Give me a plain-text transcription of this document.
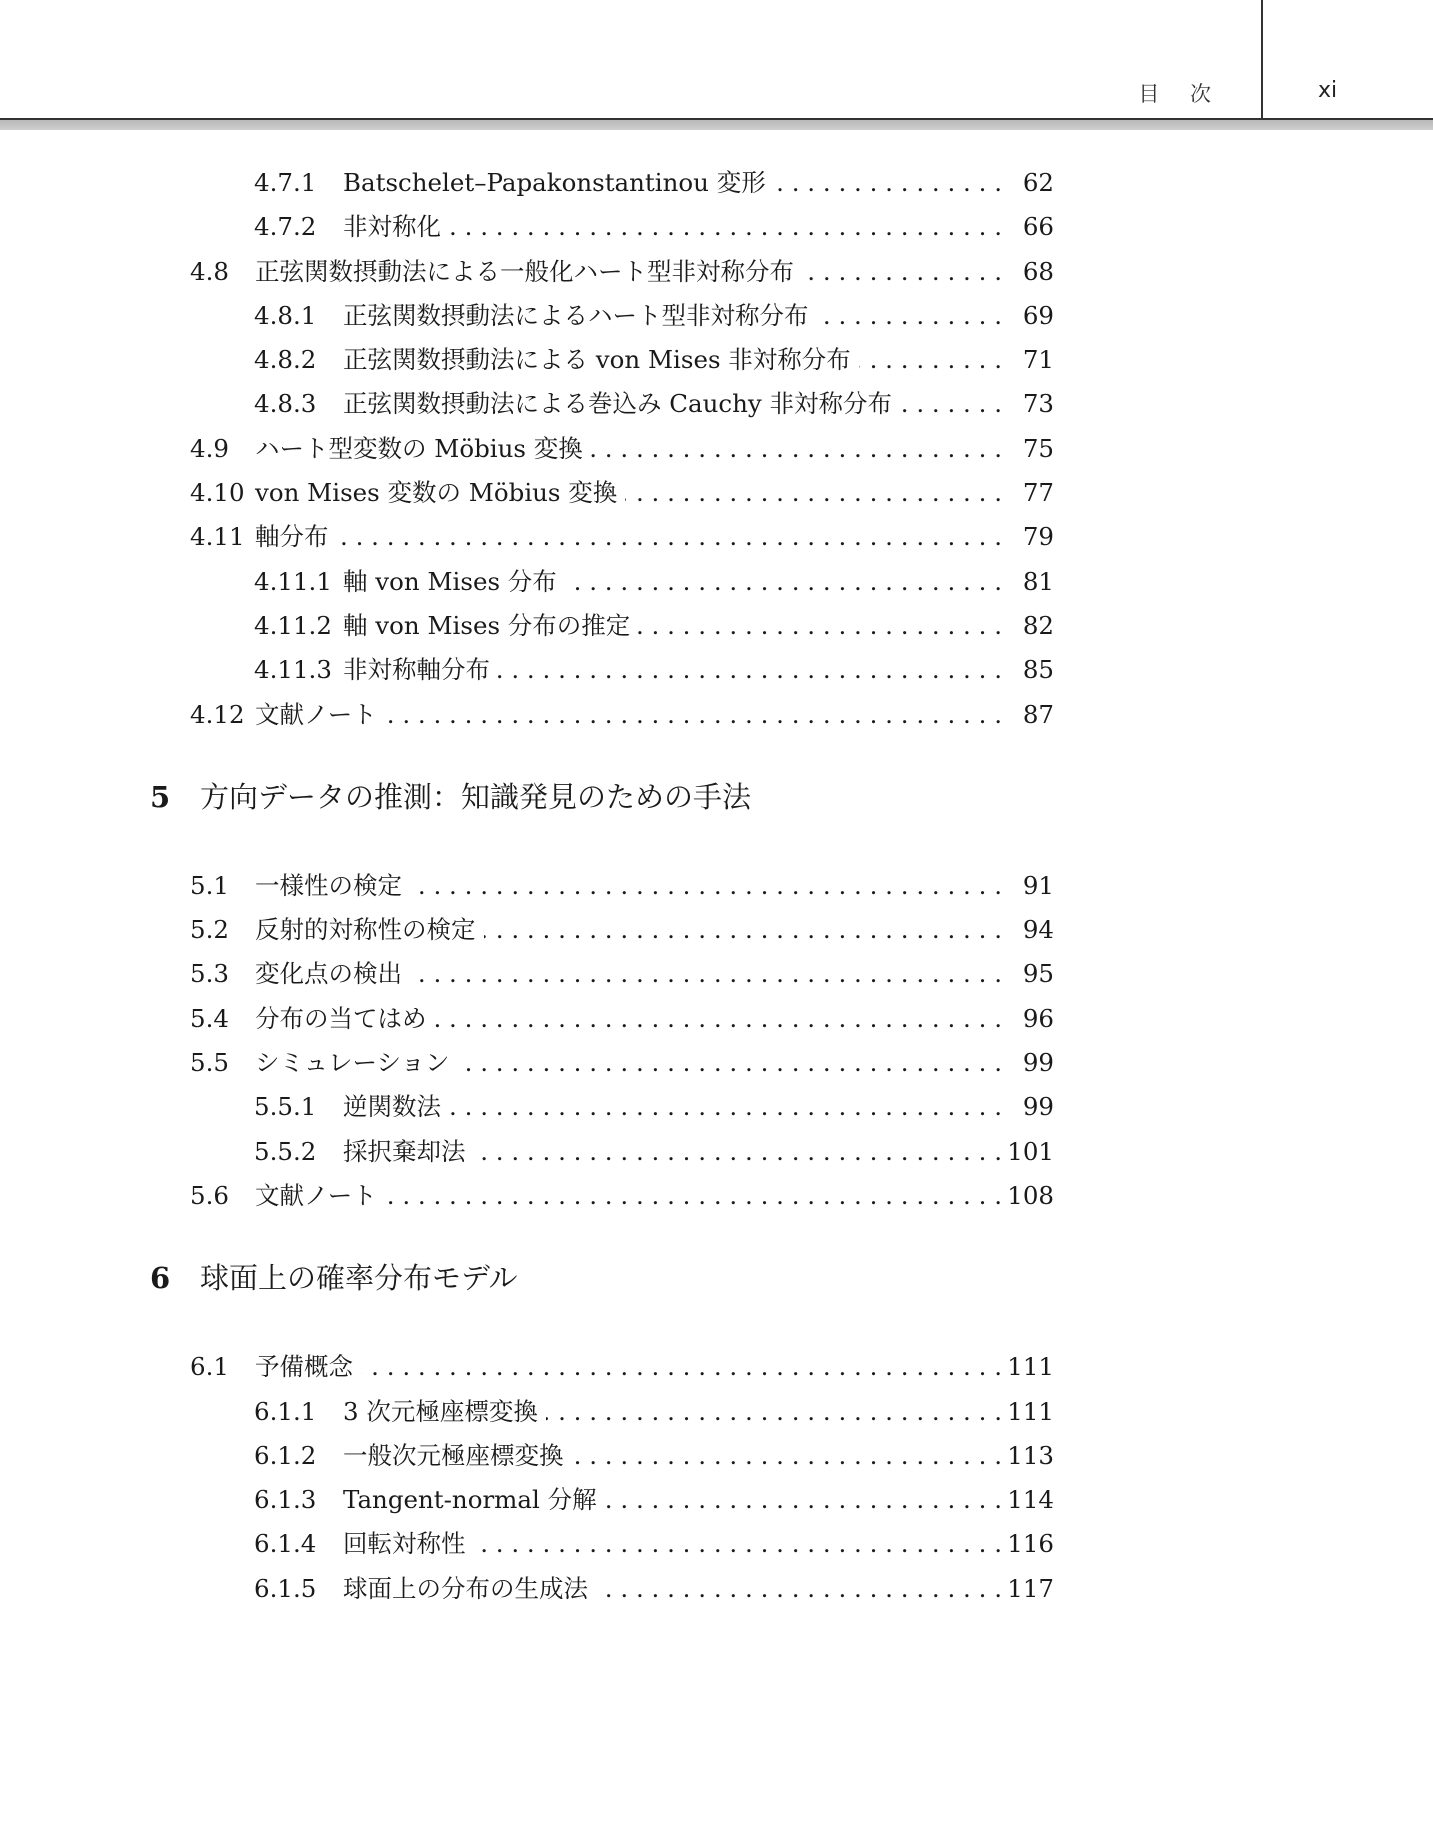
目 次	xi
4.7.1 Batschelet–Papakonstantinou 変形 . . .	62
4.7.2 非対称化 . . .	66
4.8 正弦関数摂動法による一般化ハート型非対称分布 . . .	68
4.8.1 正弦関数摂動法によるハート型非対称分布 . . .	69
4.8.2 正弦関数摂動法による von Mises 非対称分布 . . .	71
4.8.3 正弦関数摂動法による巻込み Cauchy 非対称分布 . . .	73
4.9 ハート型変数の Möbius 変換 . . .	75
4.10 von Mises 変数の Möbius 変換 . . .	77
4.11 軸分布 . . .	79
4.11.1 軸 von Mises 分布 . . .	81
4.11.2 軸 von Mises 分布の推定 . . .	82
4.11.3 非対称軸分布 . . .	85
4.12 文献ノート . . .	87
5 方向データの推測：知識発見のための手法
5.1 一様性の検定 . . .	91
5.2 反射的対称性の検定 . . .	94
5.3 変化点の検出 . . .	95
5.4 分布の当てはめ . . .	96
5.5 シミュレーション . . .	99
5.5.1 逆関数法 . . .	99
5.5.2 採択棄却法 . . .	101
5.6 文献ノート . . .	108
6 球面上の確率分布モデル
6.1 予備概念 . . .	111
6.1.1 3 次元極座標変換 . . .	111
6.1.2 一般次元極座標変換 . . .	113
6.1.3 Tangent-normal 分解 . . .	114
6.1.4 回転対称性 . . .	116
6.1.5 球面上の分布の生成法 . . .	117
